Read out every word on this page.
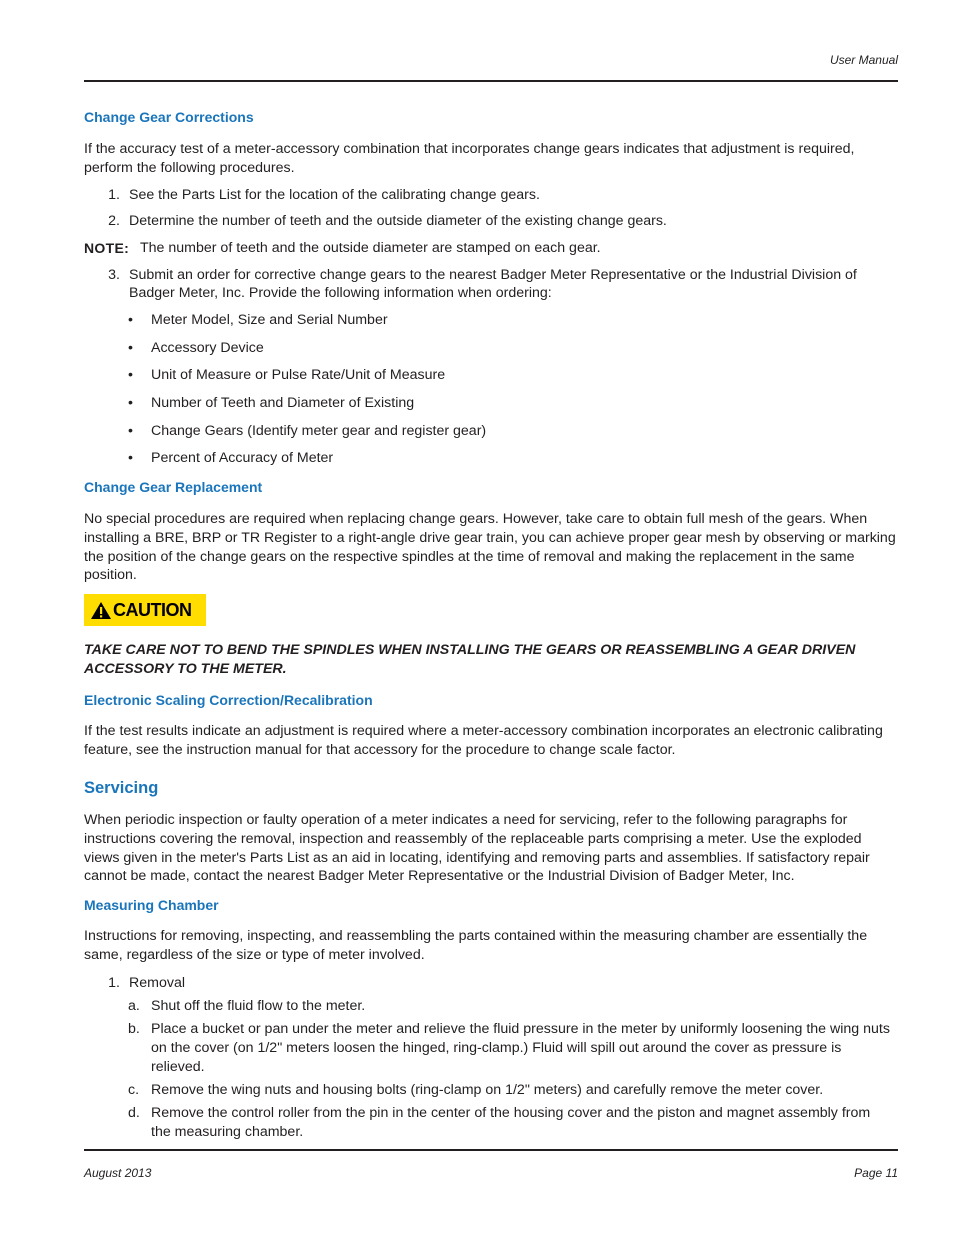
User Manual
Change Gear Corrections
If the accuracy test of a meter-accessory combination that incorporates change gears indicates that adjustment is required, perform the following procedures.
1. See the Parts List for the location of the calibrating change gears.
2. Determine the number of teeth and the outside diameter of the existing change gears.
NOTE: The number of teeth and the outside diameter are stamped on each gear.
3. Submit an order for corrective change gears to the nearest Badger Meter Representative or the Industrial Division of Badger Meter, Inc. Provide the following information when ordering:
• Meter Model, Size and Serial Number
• Accessory Device
• Unit of Measure or Pulse Rate/Unit of Measure
• Number of Teeth and Diameter of Existing
• Change Gears (Identify meter gear and register gear)
• Percent of Accuracy of Meter
Change Gear Replacement
No special procedures are required when replacing change gears. However, take care to obtain full mesh of the gears. When installing a BRE, BRP or TR Register to a right-angle drive gear train, you can achieve proper gear mesh by observing or marking the position of the change gears on the respective spindles at the time of removal and making the replacement in the same position.
CAUTION
TAKE CARE NOT TO BEND THE SPINDLES WHEN INSTALLING THE GEARS OR REASSEMBLING A GEAR DRIVEN ACCESSORY TO THE METER.
Electronic Scaling Correction/Recalibration
If the test results indicate an adjustment is required where a meter-accessory combination incorporates an electronic calibrating feature, see the instruction manual for that accessory for the procedure to change scale factor.
Servicing
When periodic inspection or faulty operation of a meter indicates a need for servicing, refer to the following paragraphs for instructions covering the removal, inspection and reassembly of the replaceable parts comprising a meter. Use the exploded views given in the meter's Parts List as an aid in locating, identifying and removing parts and assemblies. If satisfactory repair cannot be made, contact the nearest Badger Meter Representative or the Industrial Division of Badger Meter, Inc.
Measuring Chamber
Instructions for removing, inspecting, and reassembling the parts contained within the measuring chamber are essentially the same, regardless of the size or type of meter involved.
1. Removal
a. Shut off the fluid flow to the meter.
b. Place a bucket or pan under the meter and relieve the fluid pressure in the meter by uniformly loosening the wing nuts on the cover (on 1/2" meters loosen the hinged, ring-clamp.) Fluid will spill out around the cover as pressure is relieved.
c. Remove the wing nuts and housing bolts (ring-clamp on 1/2" meters) and carefully remove the meter cover.
d. Remove the control roller from the pin in the center of the housing cover and the piston and magnet assembly from the measuring chamber.
August 2013	Page 11
